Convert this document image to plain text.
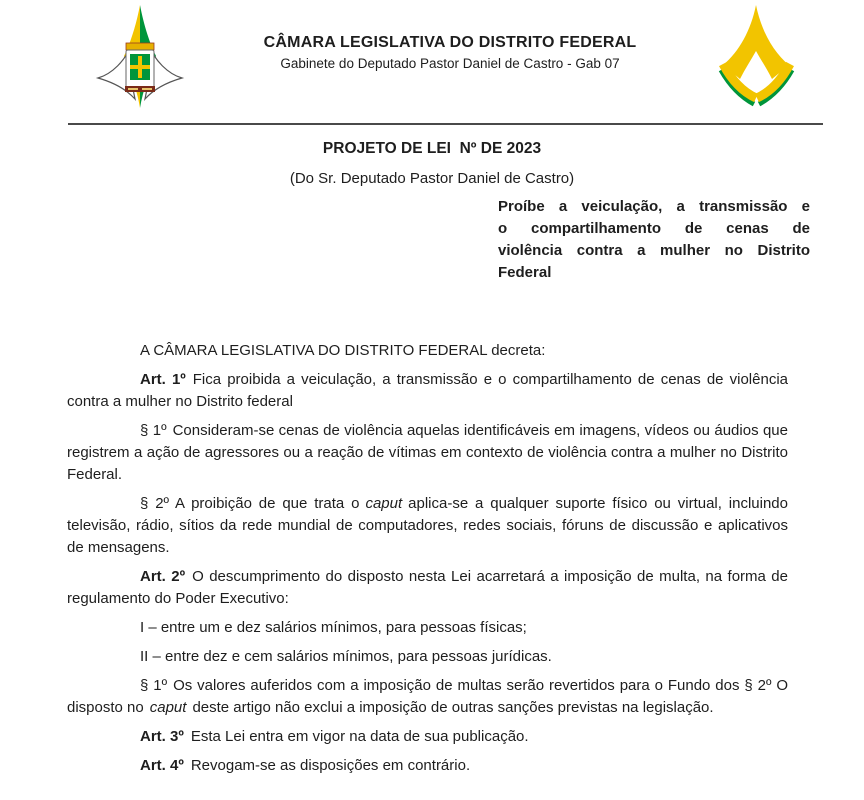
CÂMARA LEGISLATIVA DO DISTRITO FEDERAL
Gabinete do Deputado Pastor Daniel de Castro - Gab 07
PROJETO DE LEI  Nº DE 2023
(Do Sr. Deputado Pastor Daniel de Castro)
Proíbe a veiculação, a transmissão e
o compartilhamento de cenas de
violência contra a mulher no Distrito
Federal

A CÂMARA LEGISLATIVA DO DISTRITO FEDERAL decreta:

Art. 1º Fica proibida a veiculação, a transmissão e o compartilhamento de cenas de violência contra a mulher no Distrito federal

§ 1º Consideram-se cenas de violência aquelas identificáveis em imagens, vídeos ou áudios que registrem a ação de agressores ou a reação de vítimas em contexto de violência contra a mulher no Distrito Federal.

§ 2º A proibição de que trata o caput aplica-se a qualquer suporte físico ou virtual, incluindo televisão, rádio, sítios da rede mundial de computadores, redes sociais, fóruns de discussão e aplicativos de mensagens.

Art. 2º O descumprimento do disposto nesta Lei acarretará a imposição de multa, na forma de regulamento do Poder Executivo:

I – entre um e dez salários mínimos, para pessoas físicas;

II – entre dez e cem salários mínimos, para pessoas jurídicas.

§ 1º Os valores auferidos com a imposição de multas serão revertidos para o Fundo dos § 2º O disposto no caput deste artigo não exclui a imposição de outras sanções previstas na legislação.

Art. 3º Esta Lei entra em vigor na data de sua publicação.

Art. 4º Revogam-se as disposições em contrário.
